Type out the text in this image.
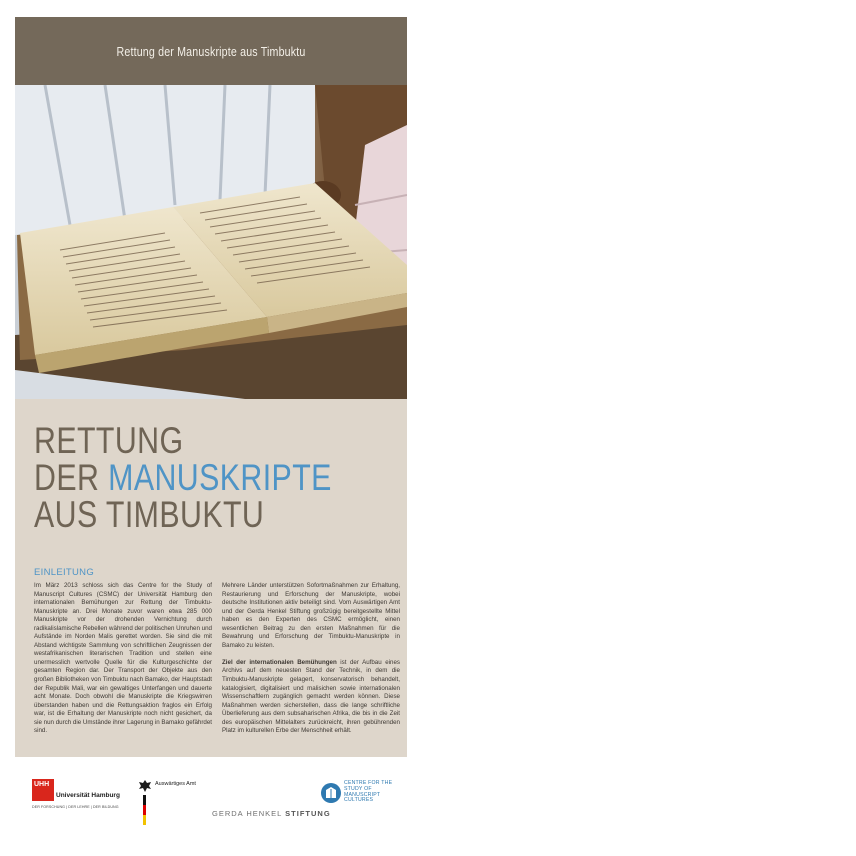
Rettung der Manuskripte aus Timbuktu
RETTUNG
DER MANUSKRIPTE
AUS TIMBUKTU
EINLEITUNG

Im März 2013 schloss sich das Centre for the Study of Manuscript Cultures (CSMC) der Universität Hamburg den internationalen Bemühungen zur Rettung der Timbuktu-Manuskripte an. Drei Monate zuvor waren etwa 285 000 Manuskripte vor der drohenden Vernichtung durch radikalislamische Rebellen während der politischen Unruhen und Aufstände im Norden Malis gerettet worden. Sie sind die mit Abstand wichtigste Sammlung von schriftlichen Zeugnissen der westafrikanischen literarischen Tradition und stellen eine unermesslich wertvolle Quelle für die Kulturgeschichte der gesamten Region dar. Der Transport der Objekte aus den großen Bibliotheken von Timbuktu nach Bamako, der Hauptstadt der Republik Mali, war ein gewaltiges Unterfangen und dauerte acht Monate. Doch obwohl die Manuskripte die Kriegswirren überstanden haben und die Rettungsaktion fraglos ein Erfolg war, ist die Erhaltung der Manuskripte noch nicht gesichert, da sie nun durch die Umstände ihrer Lagerung in Bamako gefährdet sind.

Mehrere Länder unterstützen Sofortmaßnahmen zur Erhaltung, Restaurierung und Erforschung der Manuskripte, wobei deutsche Institutionen aktiv beteiligt sind. Vom Auswärtigen Amt und der Gerda Henkel Stiftung großzügig bereitgestellte Mittel haben es den Experten des CSMC ermöglicht, einen wesentlichen Beitrag zu den ersten Maßnahmen für die Bewahrung und Erforschung der Timbuktu-Manuskripte in Bamako zu leisten.

Ziel der internationalen Bemühungen ist der Aufbau eines Archivs auf dem neuesten Stand der Technik, in dem die Timbuktu-Manuskripte gelagert, konservatorisch behandelt, katalogisiert, digitalisiert und malisichen sowie internationalen Wissenschaftlern zugänglich gemacht werden können. Diese Maßnahmen werden sicherstellen, dass die lange schriftliche Überlieferung aus dem subsaharischen Afrika, die bis in die Zeit des europäischen Mittelalters zurückreicht, ihren gebührenden Platz im kulturellen Erbe der Menschheit erhält.

UHH
Universität Hamburg
DER FORSCHUNG | DER LEHRE | DER BILDUNG
Auswärtiges Amt
GERDA HENKEL STIFTUNG
CENTRE FOR THE
STUDY OF
MANUSCRIPT
CULTURES
